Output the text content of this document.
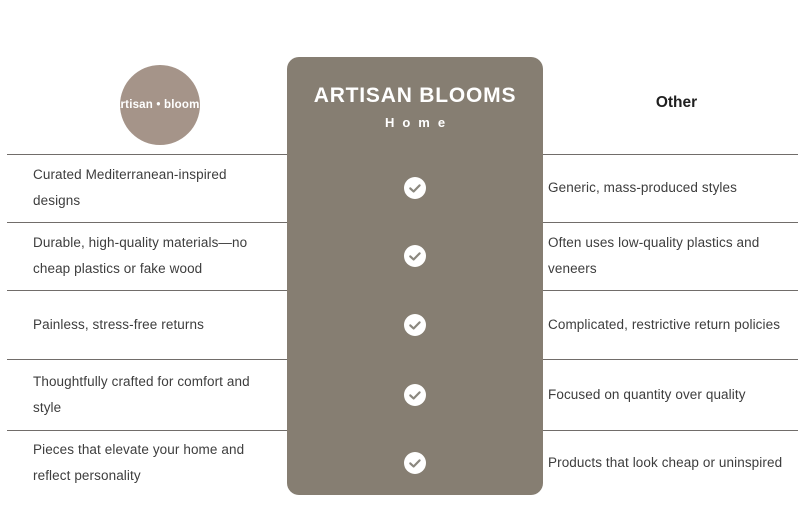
artisan • blooms	ARTISAN BLOOMS
Home
Other
Curated Mediterranean-inspired designs
Generic, mass-produced styles
Durable, high-quality materials—no cheap plastics or fake wood
Often uses low-quality plastics and veneers
Painless, stress-free returns	Complicated, restrictive return policies
Thoughtfully crafted for comfort and style
Focused on quantity over quality
Pieces that elevate your home and reflect personality
Products that look cheap or uninspired
